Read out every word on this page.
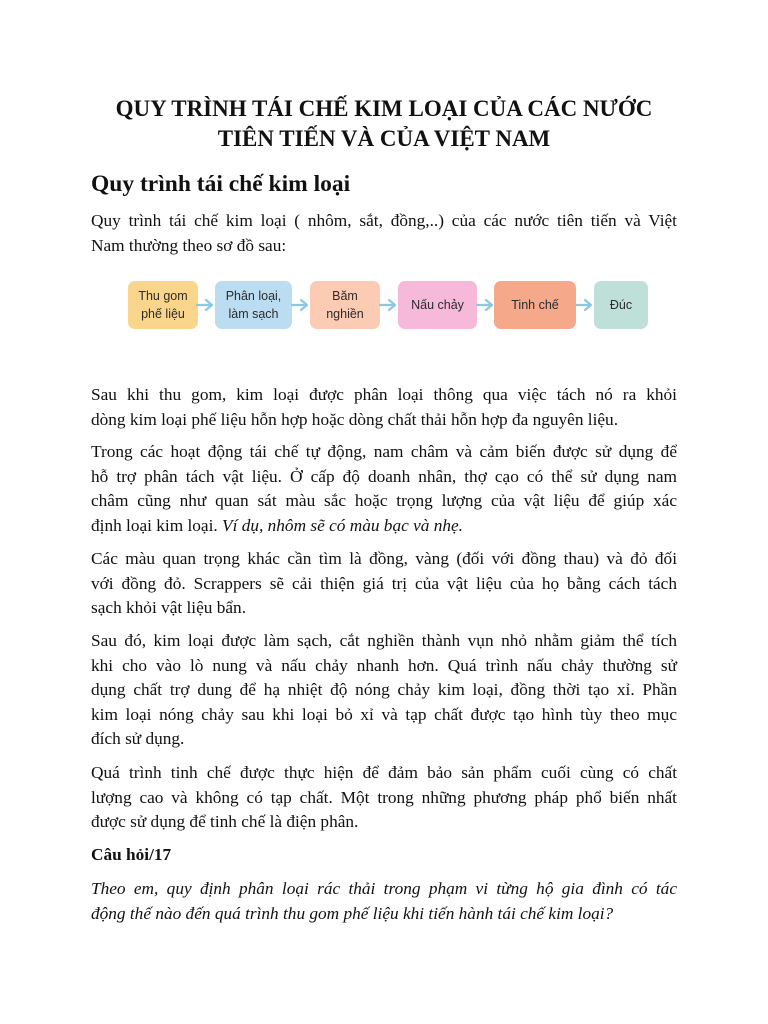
QUY TRÌNH TÁI CHẾ KIM LOẠI CỦA CÁC NƯỚC
TIÊN TIẾN VÀ CỦA VIỆT NAM
Quy trình tái chế kim loại

Quy trình tái chế kim loại ( nhôm, sắt, đồng,..) của các nước tiên tiến và Việt
Nam thường theo sơ đồ sau:

Thu gom
phế liệu
Phân loại,
làm sạch
Băm
nghiền
Nấu chảy	Tinh chế	Đúc

Sau khi thu gom, kim loại được phân loại thông qua việc tách nó ra khỏi
dòng kim loại phế liệu hỗn hợp hoặc dòng chất thải hỗn hợp đa nguyên liệu.

Trong các hoạt động tái chế tự động, nam châm và cảm biến được sử dụng để
hỗ trợ phân tách vật liệu. Ở cấp độ doanh nhân, thợ cạo có thể sử dụng nam
châm cũng như quan sát màu sắc hoặc trọng lượng của vật liệu để giúp xác
định loại kim loại. Ví dụ, nhôm sẽ có màu bạc và nhẹ.

Các màu quan trọng khác cần tìm là đồng, vàng (đối với đồng thau) và đỏ đối
với đồng đỏ. Scrappers sẽ cải thiện giá trị của vật liệu của họ bằng cách tách
sạch khỏi vật liệu bẩn.

Sau đó, kim loại được làm sạch, cắt nghiền thành vụn nhỏ nhằm giảm thể tích
khi cho vào lò nung và nấu chảy nhanh hơn. Quá trình nấu chảy thường sử
dụng chất trợ dung để hạ nhiệt độ nóng chảy kim loại, đồng thời tạo xỉ. Phần
kim loại nóng chảy sau khi loại bỏ xỉ và tạp chất được tạo hình tùy theo mục
đích sử dụng.

Quá trình tinh chế được thực hiện để đảm bảo sản phẩm cuối cùng có chất
lượng cao và không có tạp chất. Một trong những phương pháp phổ biến nhất
được sử dụng để tinh chế là điện phân.

Câu hỏi/17

Theo em, quy định phân loại rác thải trong phạm vi từng hộ gia đình có tác
động thế nào đến quá trình thu gom phế liệu khi tiến hành tái chế kim loại?
